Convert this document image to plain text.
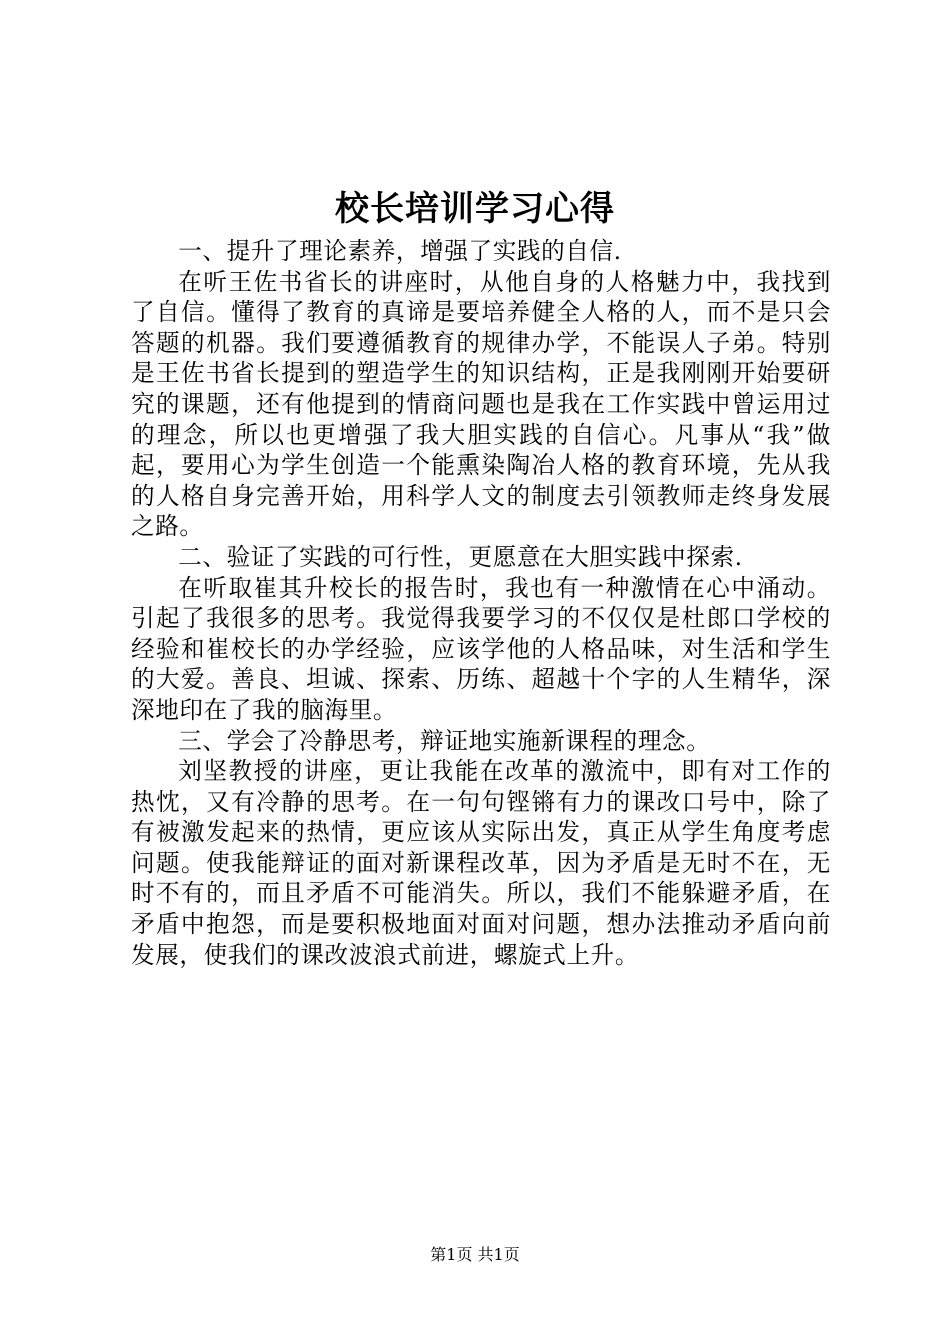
校长培训学习心得

一、提升了理论素养，增强了实践的自信.

在听王佐书省长的讲座时，从他自身的人格魅力中，我找到了自信。懂得了教育的真谛是要培养健全人格的人，而不是只会答题的机器。我们要遵循教育的规律办学，不能误人子弟。特别是王佐书省长提到的塑造学生的知识结构，正是我刚刚开始要研究的课题，还有他提到的情商问题也是我在工作实践中曾运用过的理念，所以也更增强了我大胆实践的自信心。凡事从“我”做起，要用心为学生创造一个能熏染陶冶人格的教育环境，先从我的人格自身完善开始，用科学人文的制度去引领教师走终身发展之路。

二、验证了实践的可行性，更愿意在大胆实践中探索.

在听取崔其升校长的报告时，我也有一种激情在心中涌动。引起了我很多的思考。我觉得我要学习的不仅仅是杜郎口学校的经验和崔校长的办学经验，应该学他的人格品味，对生活和学生的大爱。善良、坦诚、探索、历练、超越十个字的人生精华，深深地印在了我的脑海里。

三、学会了冷静思考，辩证地实施新课程的理念。

刘坚教授的讲座，更让我能在改革的激流中，即有对工作的热忱，又有冷静的思考。在一句句铿锵有力的课改口号中，除了有被激发起来的热情，更应该从实际出发，真正从学生角度考虑问题。使我能辩证的面对新课程改革，因为矛盾是无时不在，无时不有的，而且矛盾不可能消失。所以，我们不能躲避矛盾，在矛盾中抱怨，而是要积极地面对面对问题，想办法推动矛盾向前发展，使我们的课改波浪式前进，螺旋式上升。

第1页 共1页
